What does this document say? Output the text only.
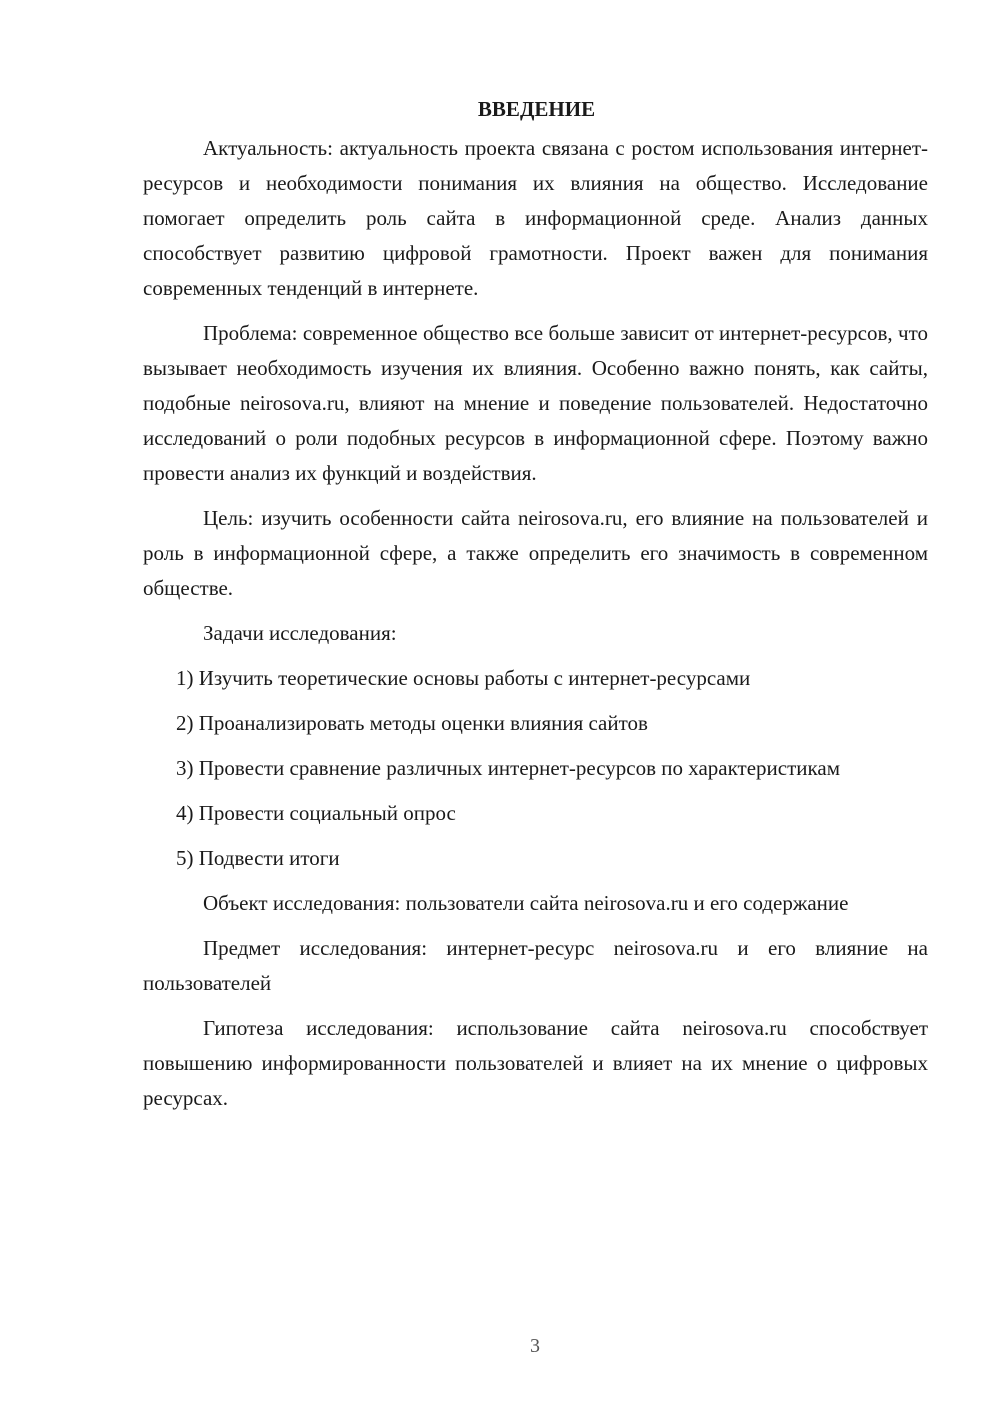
ВВЕДЕНИЕ

Актуальность: актуальность проекта связана с ростом использования интернет-ресурсов и необходимости понимания их влияния на общество. Исследование помогает определить роль сайта в информационной среде. Анализ данных способствует развитию цифровой грамотности. Проект важен для понимания современных тенденций в интернете.

Проблема: современное общество все больше зависит от интернет-ресурсов, что вызывает необходимость изучения их влияния. Особенно важно понять, как сайты, подобные neirosova.ru, влияют на мнение и поведение пользователей. Недостаточно исследований о роли подобных ресурсов в информационной сфере. Поэтому важно провести анализ их функций и воздействия.

Цель: изучить особенности сайта neirosova.ru, его влияние на пользователей и роль в информационной сфере, а также определить его значимость в современном обществе.

Задачи исследования:

1) Изучить теоретические основы работы с интернет-ресурсами

2) Проанализировать методы оценки влияния сайтов

3) Провести сравнение различных интернет-ресурсов по характеристикам

4) Провести социальный опрос

5) Подвести итоги

Объект исследования: пользователи сайта neirosova.ru и его содержание

Предмет исследования: интернет-ресурс neirosova.ru и его влияние на пользователей

Гипотеза исследования: использование сайта neirosova.ru способствует повышению информированности пользователей и влияет на их мнение о цифровых ресурсах.

3
